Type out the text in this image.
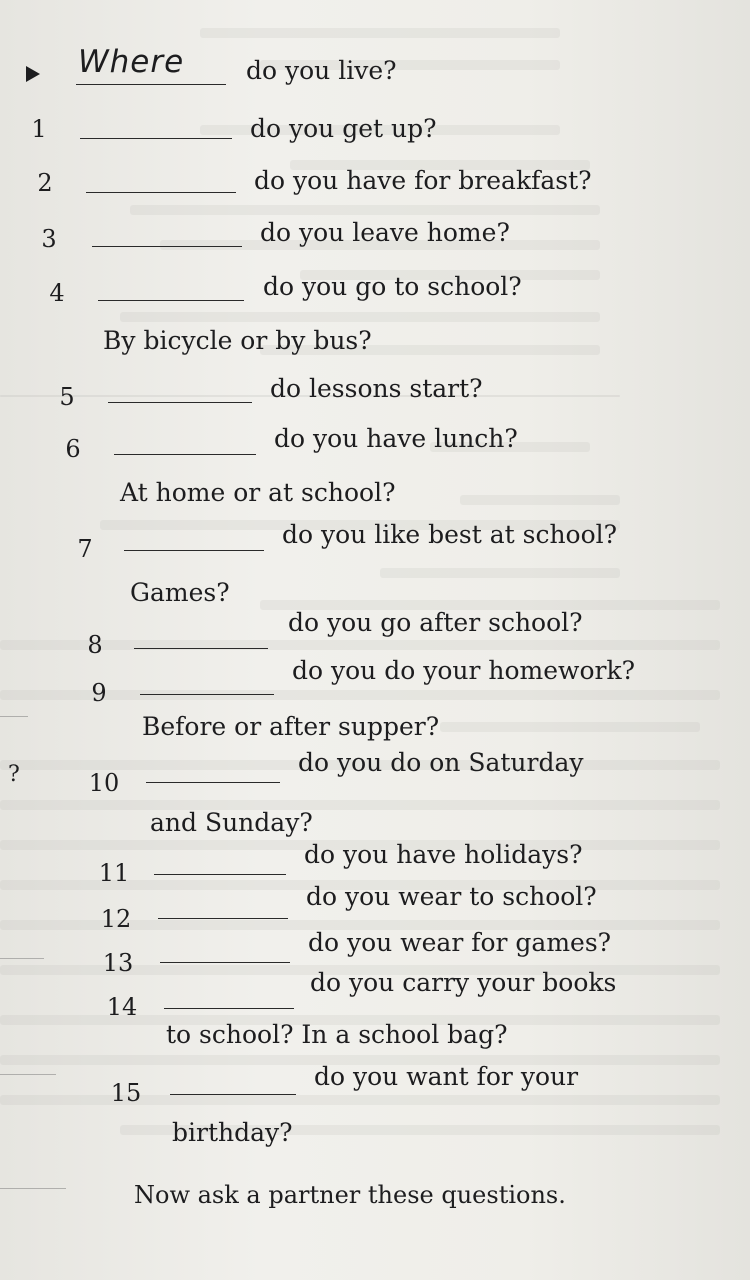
?
Where do you live?
1	do you get up?
2	do you have for breakfast?
3	do you leave home?
4	do you go to school?
By bicycle or by bus?
5	do lessons start?
6	do you have lunch?
At home or at school?
7	do you like best at school?
Games?
8
do you go after school?
9
do you do your homework?
Before or after supper?
10
do you do on Saturday
and Sunday?
11
do you have holidays?
12
do you wear to school?
13
do you wear for games?
14
do you carry your books
to school? In a school bag?
15
do you want for your
birthday?
Now ask a partner these questions.
